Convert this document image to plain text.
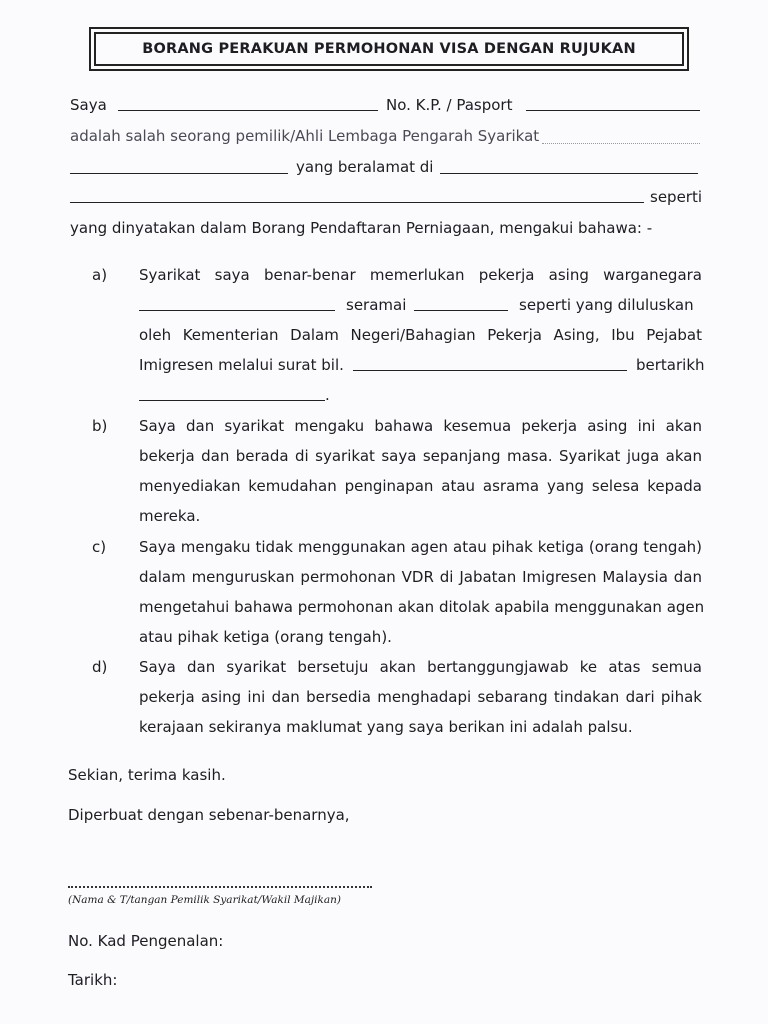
BORANG PERAKUAN PERMOHONAN VISA DENGAN RUJUKAN
Saya	No. K.P. / Pasport
adalah salah seorang pemilik/Ahli Lembaga Pengarah Syarikat
yang beralamat di
seperti
yang dinyatakan dalam Borang Pendaftaran Perniagaan, mengakui bahawa: -
a) Syarikat saya benar-benar memerlukan pekerja asing warganegara
seramai	seperti yang diluluskan
oleh Kementerian Dalam Negeri/Bahagian Pekerja Asing, Ibu Pejabat
Imigresen melalui surat bil.	bertarikh
.
b) Saya dan syarikat mengaku bahawa kesemua pekerja asing ini akan
bekerja dan berada di syarikat saya sepanjang masa. Syarikat juga akan
menyediakan kemudahan penginapan atau asrama yang selesa kepada
mereka.
c) Saya mengaku tidak menggunakan agen atau pihak ketiga (orang tengah)
dalam menguruskan permohonan VDR di Jabatan Imigresen Malaysia dan
mengetahui bahawa permohonan akan ditolak apabila menggunakan agen
atau pihak ketiga (orang tengah).
d) Saya dan syarikat bersetuju akan bertanggungjawab ke atas semua
pekerja asing ini dan bersedia menghadapi sebarang tindakan dari pihak
kerajaan sekiranya maklumat yang saya berikan ini adalah palsu.
Sekian, terima kasih.
Diperbuat dengan sebenar-benarnya,
(Nama & T/tangan Pemilik Syarikat/Wakil Majikan)
No. Kad Pengenalan:
Tarikh:
